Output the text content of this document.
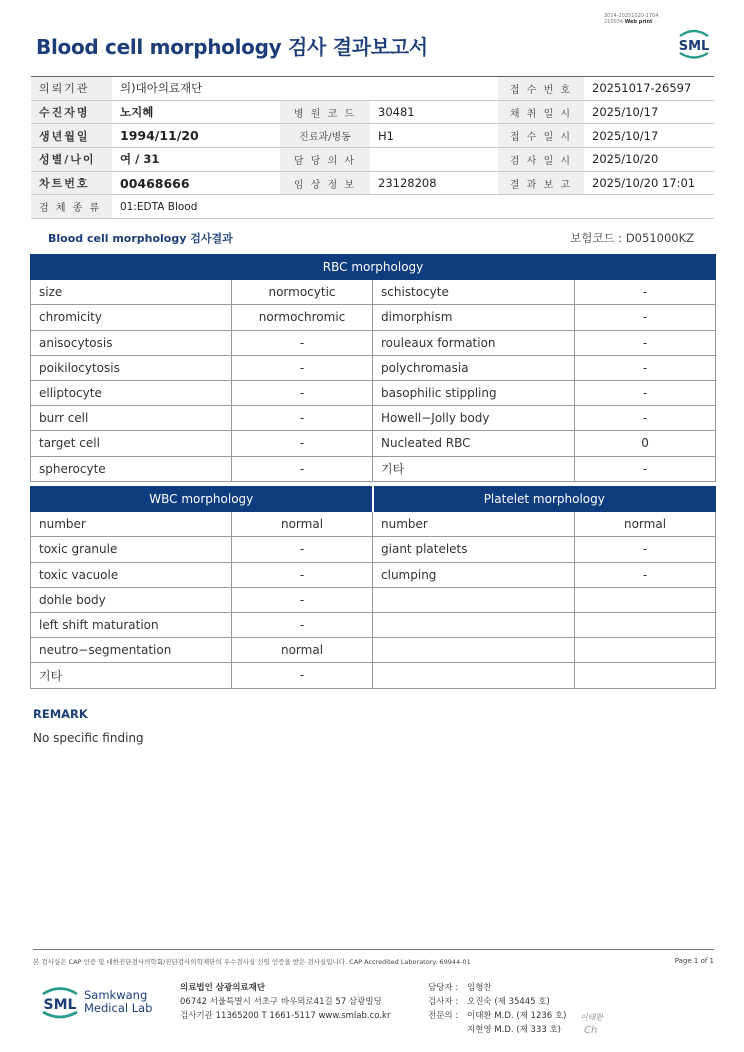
3014-20251020-1704
210034 Web print
Blood cell morphology 검사 결과보고서	SML
의뢰기관	의)대아의료재단			접 수 번 호	20251017-26597
수진자명	노지혜	병 원 코 드	30481	채 취 일 시	2025/10/17
생년월일	1994/11/20	진료과/병동	H1	접 수 일 시	2025/10/17
성별/나이	여 / 31	담 당 의 사		검 사 일 시	2025/10/20
차트번호	00468666	임 상 정 보	23128208	결 과 보 고	2025/10/20 17:01
검 체 종 류	01:EDTA Blood				
Blood cell morphology 검사결과	보험코드 : D051000KZ
RBC morphology			
size	normocytic	schistocyte	-
chromicity	normochromic	dimorphism	-
anisocytosis	-	rouleaux formation	-
poikilocytosis	-	polychromasia	-
elliptocyte	-	basophilic stippling	-
burr cell	-	Howell−Jolly body	-
target cell	-	Nucleated RBC	0
spherocyte	-	기타	-
WBC morphology		Platelet morphology	
number	normal	number	normal
toxic granule	-	giant platelets	-
toxic vacuole	-	clumping	-
dohle body	-		
left shift maturation	-		
neutro−segmentation	normal		
기타	-		
REMARK
No specific finding
본 검사실은 CAP 인증 및 대한진단검사의학회/진단검사의학재단의 우수검사실 신임 인증을 받은 검사실입니다. CAP Accredited Laboratory. 69944-01	Page 1 of 1
SML
Samkwang
Medical Lab
의료법인 삼광의료재단
06742 서울특별시 서초구 바우뫼로41길 57 삼광빌딩
검사기관 11365200 T 1661-5117 www.smlab.co.kr
담당자 :	임형찬
검사자 :	오진숙 (제 35445 호)
전문의 :	이태환 M.D. (제 1236 호)
지현영 M.D. (제 333 호)
이태환
Ch
